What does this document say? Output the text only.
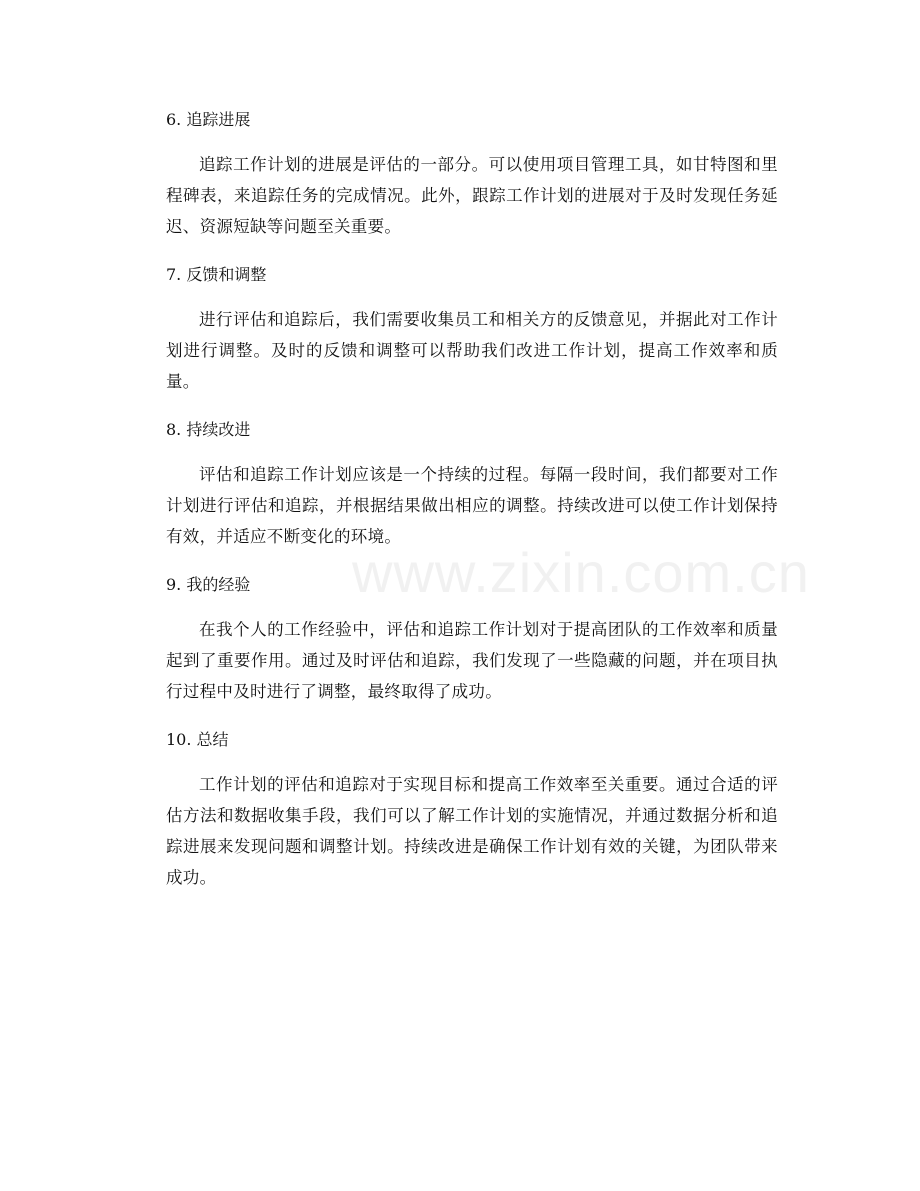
6. 追踪进展

追踪工作计划的进展是评估的一部分。可以使用项目管理工具，如甘特图和里程碑表，来追踪任务的完成情况。此外，跟踪工作计划的进展对于及时发现任务延迟、资源短缺等问题至关重要。

7. 反馈和调整

进行评估和追踪后，我们需要收集员工和相关方的反馈意见，并据此对工作计划进行调整。及时的反馈和调整可以帮助我们改进工作计划，提高工作效率和质量。

8. 持续改进

评估和追踪工作计划应该是一个持续的过程。每隔一段时间，我们都要对工作计划进行评估和追踪，并根据结果做出相应的调整。持续改进可以使工作计划保持有效，并适应不断变化的环境。

9. 我的经验

在我个人的工作经验中，评估和追踪工作计划对于提高团队的工作效率和质量起到了重要作用。通过及时评估和追踪，我们发现了一些隐藏的问题，并在项目执行过程中及时进行了调整，最终取得了成功。

10. 总结

工作计划的评估和追踪对于实现目标和提高工作效率至关重要。通过合适的评估方法和数据收集手段，我们可以了解工作计划的实施情况，并通过数据分析和追踪进展来发现问题和调整计划。持续改进是确保工作计划有效的关键，为团队带来成功。

www.zixin.com.cn
